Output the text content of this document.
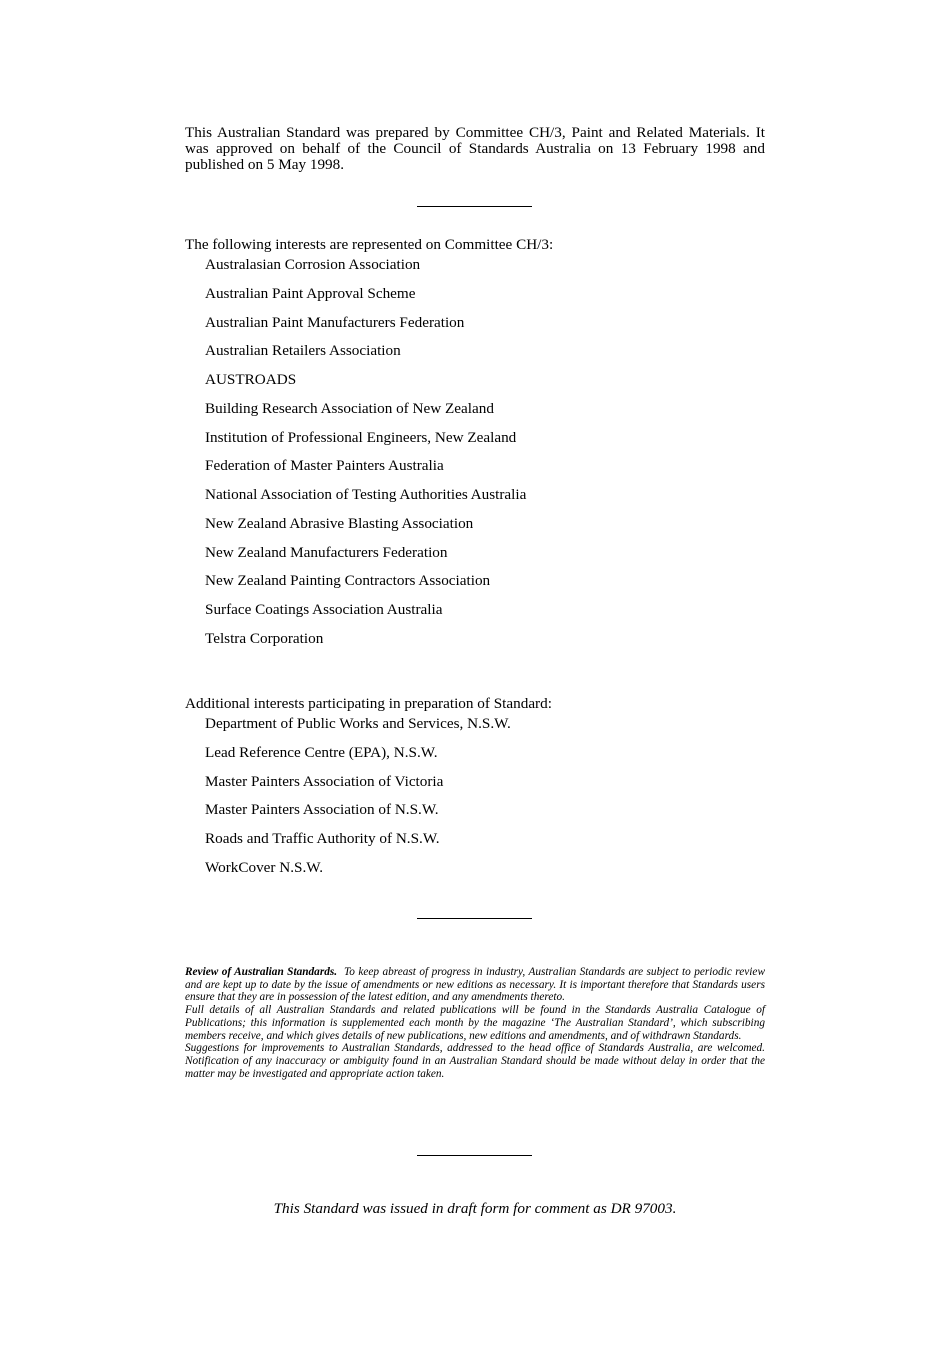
This Australian Standard was prepared by Committee CH/3, Paint and Related Materials. It was approved on behalf of the Council of Standards Australia on 13 February 1998 and published on 5 May 1998.

The following interests are represented on Committee CH/3:

Australasian Corrosion Association
Australian Paint Approval Scheme
Australian Paint Manufacturers Federation
Australian Retailers Association
AUSTROADS
Building Research Association of New Zealand
Institution of Professional Engineers, New Zealand
Federation of Master Painters Australia
National Association of Testing Authorities Australia
New Zealand Abrasive Blasting Association
New Zealand Manufacturers Federation
New Zealand Painting Contractors Association
Surface Coatings Association Australia
Telstra Corporation

Additional interests participating in preparation of Standard:

Department of Public Works and Services, N.S.W.
Lead Reference Centre (EPA), N.S.W.
Master Painters Association of Victoria
Master Painters Association of N.S.W.
Roads and Traffic Authority of N.S.W.
WorkCover N.S.W.

Review of Australian Standards. To keep abreast of progress in industry, Australian Standards are subject to periodic review and are kept up to date by the issue of amendments or new editions as necessary. It is important therefore that Standards users ensure that they are in possession of the latest edition, and any amendments thereto.

Full details of all Australian Standards and related publications will be found in the Standards Australia Catalogue of Publications; this information is supplemented each month by the magazine ‘The Australian Standard’, which subscribing members receive, and which gives details of new publications, new editions and amendments, and of withdrawn Standards.

Suggestions for improvements to Australian Standards, addressed to the head office of Standards Australia, are welcomed. Notification of any inaccuracy or ambiguity found in an Australian Standard should be made without delay in order that the matter may be investigated and appropriate action taken.

This Standard was issued in draft form for comment as DR 97003.
